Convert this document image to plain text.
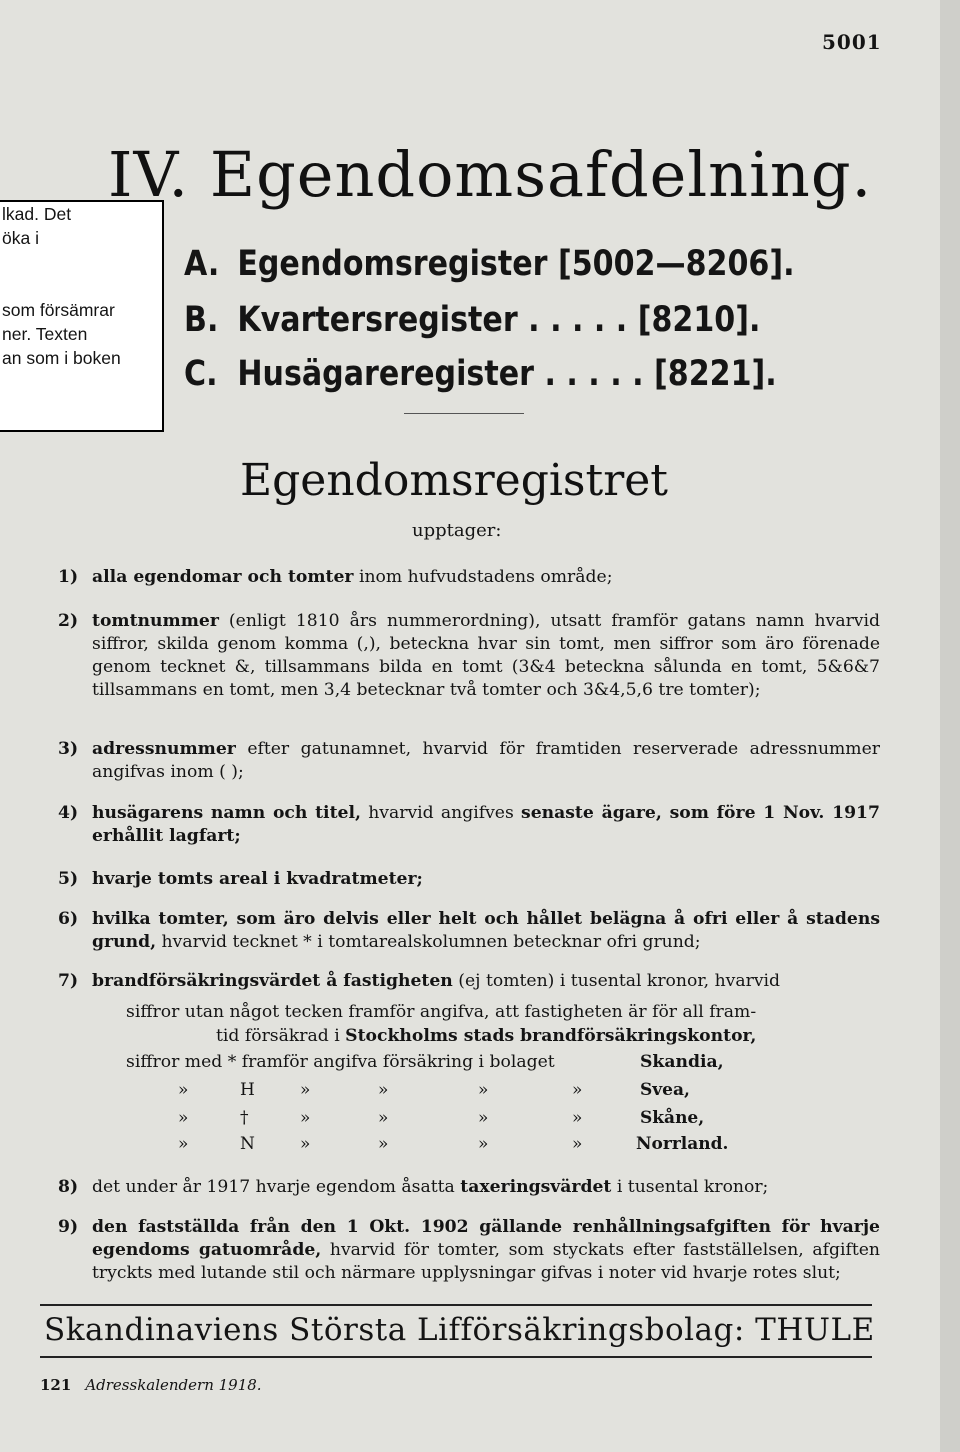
5001
lkad. Det
öka i
som försämrar
ner. Texten
an som i boken
IV. Egendomsafdelning.
A. Egendomsregister [5002—8206].
B. Kvartersregister . . . . . [8210].
C. Husägareregister . . . . . [8221].
Egendomsregistret
upptager:
1) alla egendomar och tomter inom hufvudstadens område;
2) tomtnummer (enligt 1810 års nummerordning), utsatt framför gatans namn hvarvid siffror, skilda genom komma (,), beteckna hvar sin tomt, men siffror som äro förenade genom tecknet &, tillsammans bilda en tomt (3&4 beteckna sålunda en tomt, 5&6&7 tillsammans en tomt, men 3,4 betecknar två tomter och 3&4,5,6 tre tomter);
3) adressnummer efter gatunamnet, hvarvid för framtiden reserverade adressnummer angifvas inom ( );
4) husägarens namn och titel, hvarvid angifves senaste ägare, som före 1 Nov. 1917 erhållit lagfart;
5) hvarje tomts areal i kvadratmeter;
6) hvilka tomter, som äro delvis eller helt och hållet belägna å ofri eller å stadens grund, hvarvid tecknet * i tomtarealskolumnen betecknar ofri grund;
7) brandförsäkringsvärdet å fastigheten (ej tomten) i tusental kronor, hvarvid
siffror utan något tecken framför angifva, att fastigheten är för all fram-
tid försäkrad i Stockholms stads brandförsäkringskontor,
siffror med * framför angifva försäkring i bolaget	Skandia,
»	H	»	»	»	»	Svea,
»	†	»	»	»	»	Skåne,
»	N	»	»	»	»	Norrland.
8) det under år 1917 hvarje egendom åsatta taxeringsvärdet i tusental kronor;
9) den fastställda från den 1 Okt. 1902 gällande renhållningsafgiften för hvarje egendoms gatuområde, hvarvid för tomter, som styckats efter fastställelsen, afgiften tryckts med lutande stil och närmare upplysningar gifvas i noter vid hvarje rotes slut;
Skandinaviens Största Lifförsäkringsbolag: THULE
121 Adresskalendern 1918.
